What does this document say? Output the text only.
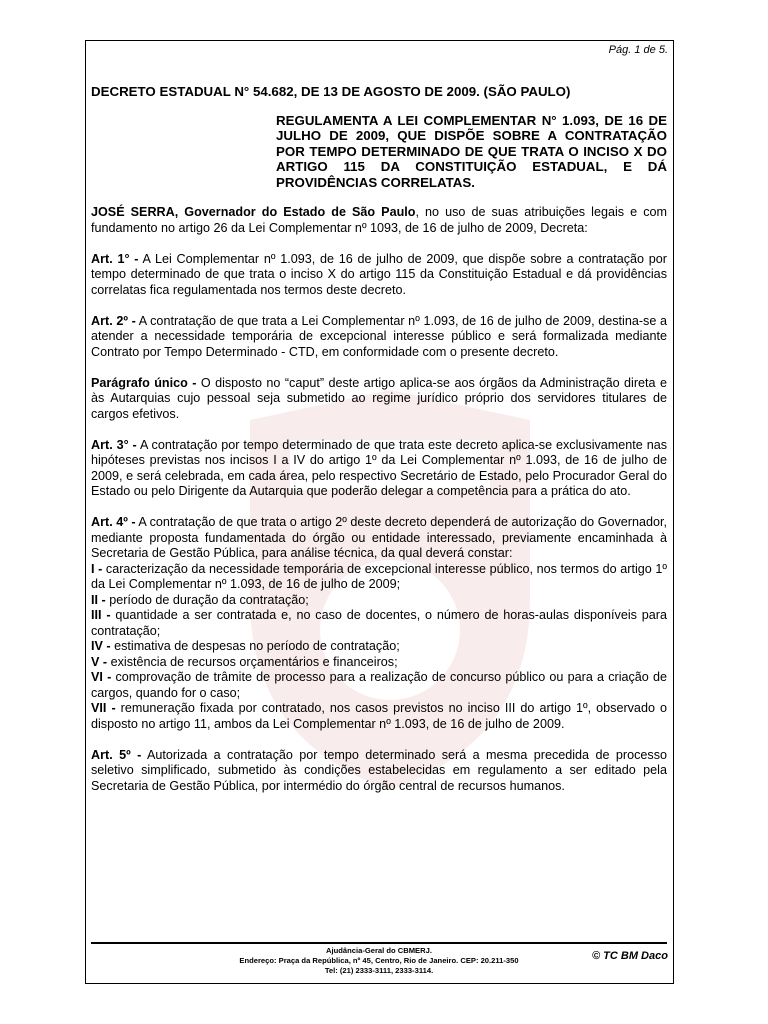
Pág. 1 de 5.
DECRETO ESTADUAL N° 54.682, DE 13 DE AGOSTO DE 2009. (SÃO PAULO)
REGULAMENTA A LEI COMPLEMENTAR N° 1.093, DE 16 DE JULHO DE 2009, QUE DISPÕE SOBRE A CONTRATAÇÃO POR TEMPO DETERMINADO DE QUE TRATA O INCISO X DO ARTIGO 115 DA CONSTITUIÇÃO ESTADUAL, E DÁ PROVIDÊNCIAS CORRELATAS.

JOSÉ SERRA, Governador do Estado de São Paulo, no uso de suas atribuições legais e com fundamento no artigo 26 da Lei Complementar nº 1093, de 16 de julho de 2009, Decreta:

Art. 1° - A Lei Complementar nº 1.093, de 16 de julho de 2009, que dispõe sobre a contratação por tempo determinado de que trata o inciso X do artigo 115 da Constituição Estadual e dá providências correlatas fica regulamentada nos termos deste decreto.

Art. 2º - A contratação de que trata a Lei Complementar nº 1.093, de 16 de julho de 2009, destina-se a atender a necessidade temporária de excepcional interesse público e será formalizada mediante Contrato por Tempo Determinado - CTD, em conformidade com o presente decreto.

Parágrafo único - O disposto no “caput” deste artigo aplica-se aos órgãos da Administração direta e às Autarquias cujo pessoal seja submetido ao regime jurídico próprio dos servidores titulares de cargos efetivos.

Art. 3° - A contratação por tempo determinado de que trata este decreto aplica-se exclusivamente nas hipóteses previstas nos incisos I a IV do artigo 1º da Lei Complementar nº 1.093, de 16 de julho de 2009, e será celebrada, em cada área, pelo respectivo Secretário de Estado, pelo Procurador Geral do Estado ou pelo Dirigente da Autarquia que poderão delegar a competência para a prática do ato.

Art. 4º - A contratação de que trata o artigo 2º deste decreto dependerá de autorização do Governador, mediante proposta fundamentada do órgão ou entidade interessado, previamente encaminhada à Secretaria de Gestão Pública, para análise técnica, da qual deverá constar:

I - caracterização da necessidade temporária de excepcional interesse público, nos termos do artigo 1º da Lei Complementar nº 1.093, de 16 de julho de 2009;

II - período de duração da contratação;

III - quantidade a ser contratada e, no caso de docentes, o número de horas-aulas disponíveis para contratação;

IV - estimativa de despesas no período de contratação;

V - existência de recursos orçamentários e financeiros;

VI - comprovação de trâmite de processo para a realização de concurso público ou para a criação de cargos, quando for o caso;

VII - remuneração fixada por contratado, nos casos previstos no inciso III do artigo 1º, observado o disposto no artigo 11, ambos da Lei Complementar nº 1.093, de 16 de julho de 2009.

Art. 5º - Autorizada a contratação por tempo determinado será a mesma precedida de processo seletivo simplificado, submetido às condições estabelecidas em regulamento a ser editado pela Secretaria de Gestão Pública, por intermédio do órgão central de recursos humanos.

Ajudância-Geral do CBMERJ.
Endereço: Praça da República, nº 45, Centro, Rio de Janeiro. CEP: 20.211-350
Tel: (21) 2333-3111, 2333-3114.
© TC BM Daco
